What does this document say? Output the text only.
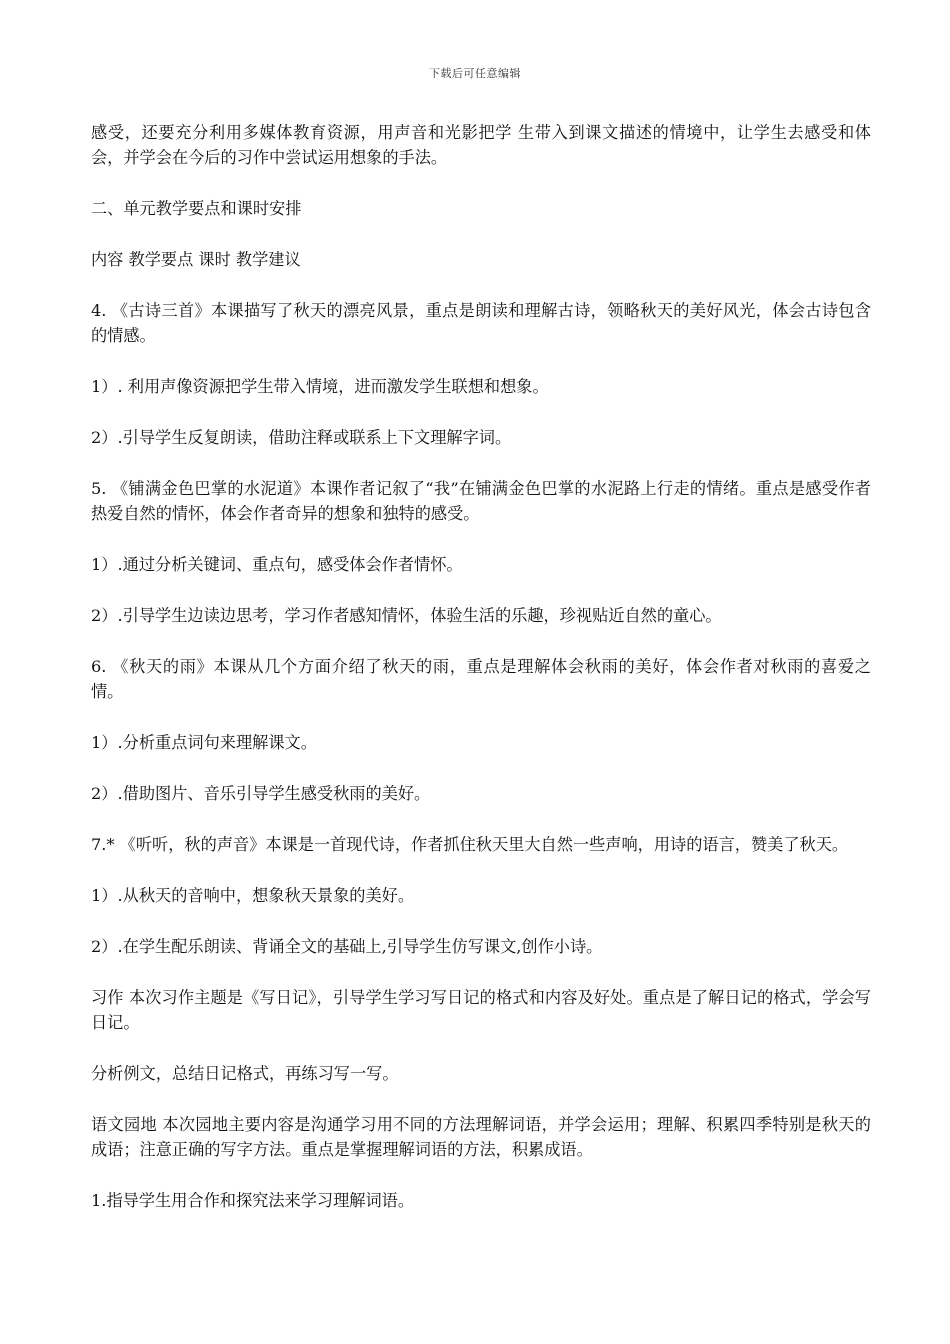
下载后可任意编辑

感受，还要充分利用多媒体教育资源，用声音和光影把学 生带入到课文描述的情境中，让学生去感受和体会，并学会在今后的习作中尝试运用想象的手法。

二、单元教学要点和课时安排

内容 教学要点 课时 教学建议

4. 《古诗三首》本课描写了秋天的漂亮风景，重点是朗读和理解古诗，领略秋天的美好风光，体会古诗包含的情感。

1）. 利用声像资源把学生带入情境，进而激发学生联想和想象。

2）.引导学生反复朗读，借助注释或联系上下文理解字词。

5. 《铺满金色巴掌的水泥道》本课作者记叙了“我”在铺满金色巴掌的水泥路上行走的情绪。重点是感受作者热爱自然的情怀，体会作者奇异的想象和独特的感受。

1）.通过分析关键词、重点句，感受体会作者情怀。

2）.引导学生边读边思考，学习作者感知情怀，体验生活的乐趣，珍视贴近自然的童心。

6. 《秋天的雨》本课从几个方面介绍了秋天的雨，重点是理解体会秋雨的美好，体会作者对秋雨的喜爱之情。

1）.分析重点词句来理解课文。

2）.借助图片、音乐引导学生感受秋雨的美好。

7.* 《听听，秋的声音》本课是一首现代诗，作者抓住秋天里大自然一些声响，用诗的语言，赞美了秋天。

1）.从秋天的音响中，想象秋天景象的美好。

2）.在学生配乐朗读、背诵全文的基础上,引导学生仿写课文,创作小诗。

习作 本次习作主题是《写日记》，引导学生学习写日记的格式和内容及好处。重点是了解日记的格式，学会写日记。

分析例文，总结日记格式，再练习写一写。

语文园地 本次园地主要内容是沟通学习用不同的方法理解词语，并学会运用；理解、积累四季特别是秋天的成语；注意正确的写字方法。重点是掌握理解词语的方法，积累成语。

1.指导学生用合作和探究法来学习理解词语。
